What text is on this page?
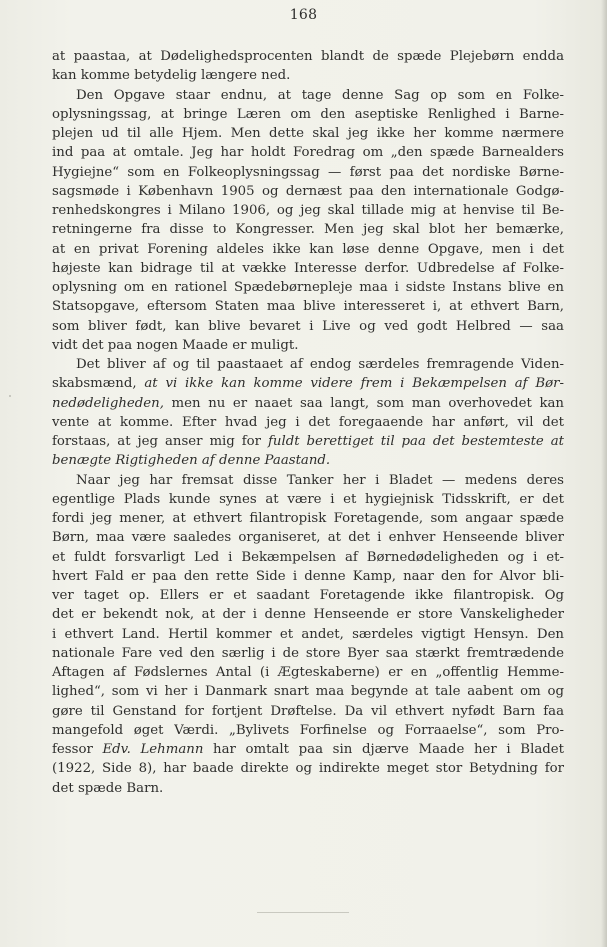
168
at paastaa, at Dødelighedsprocenten blandt de spæde Plejebørn endda
kan komme betydelig længere ned.
Den Opgave staar endnu, at tage denne Sag op som en Folke-
oplysningssag, at bringe Læren om den aseptiske Renlighed i Barne-
plejen ud til alle Hjem. Men dette skal jeg ikke her komme nærmere
ind paa at omtale. Jeg har holdt Foredrag om „den spæde Barnealders
Hygiejne“ som en Folkeoplysningssag — først paa det nordiske Børne-
sagsmøde i København 1905 og dernæst paa den internationale Godgø-
renhedskongres i Milano 1906, og jeg skal tillade mig at henvise til Be-
retningerne fra disse to Kongresser. Men jeg skal blot her bemærke,
at en privat Forening aldeles ikke kan løse denne Opgave, men i det
højeste kan bidrage til at vække Interesse derfor. Udbredelse af Folke-
oplysning om en rationel Spædebørnepleje maa i sidste Instans blive en
Statsopgave, eftersom Staten maa blive interesseret i, at ethvert Barn,
som bliver født, kan blive bevaret i Live og ved godt Helbred — saa
vidt det paa nogen Maade er muligt.
Det bliver af og til paastaaet af endog særdeles fremragende Viden-
skabsmænd, at vi ikke kan komme videre frem i Bekæmpelsen af Bør-
nedødeligheden, men nu er naaet saa langt, som man overhovedet kan
vente at komme. Efter hvad jeg i det foregaaende har anført, vil det
forstaas, at jeg anser mig for fuldt berettiget til paa det bestemteste at
benægte Rigtigheden af denne Paastand.
Naar jeg har fremsat disse Tanker her i Bladet — medens deres
egentlige Plads kunde synes at være i et hygiejnisk Tidsskrift, er det
fordi jeg mener, at ethvert filantropisk Foretagende, som angaar spæde
Børn, maa være saaledes organiseret, at det i enhver Henseende bliver
et fuldt forsvarligt Led i Bekæmpelsen af Børnedødeligheden og i et-
hvert Fald er paa den rette Side i denne Kamp, naar den for Alvor bli-
ver taget op. Ellers er et saadant Foretagende ikke filantropisk. Og
det er bekendt nok, at der i denne Henseende er store Vanskeligheder
i ethvert Land. Hertil kommer et andet, særdeles vigtigt Hensyn. Den
nationale Fare ved den særlig i de store Byer saa stærkt fremtrædende
Aftagen af Fødslernes Antal (i Ægteskaberne) er en „offentlig Hemme-
lighed“, som vi her i Danmark snart maa begynde at tale aabent om og
gøre til Genstand for fortjent Drøftelse. Da vil ethvert nyfødt Barn faa
mangefold øget Værdi. „Bylivets Forfinelse og Forraaelse“, som Pro-
fessor Edv. Lehmann har omtalt paa sin djærve Maade her i Bladet
(1922, Side 8), har baade direkte og indirekte meget stor Betydning for
det spæde Barn.
